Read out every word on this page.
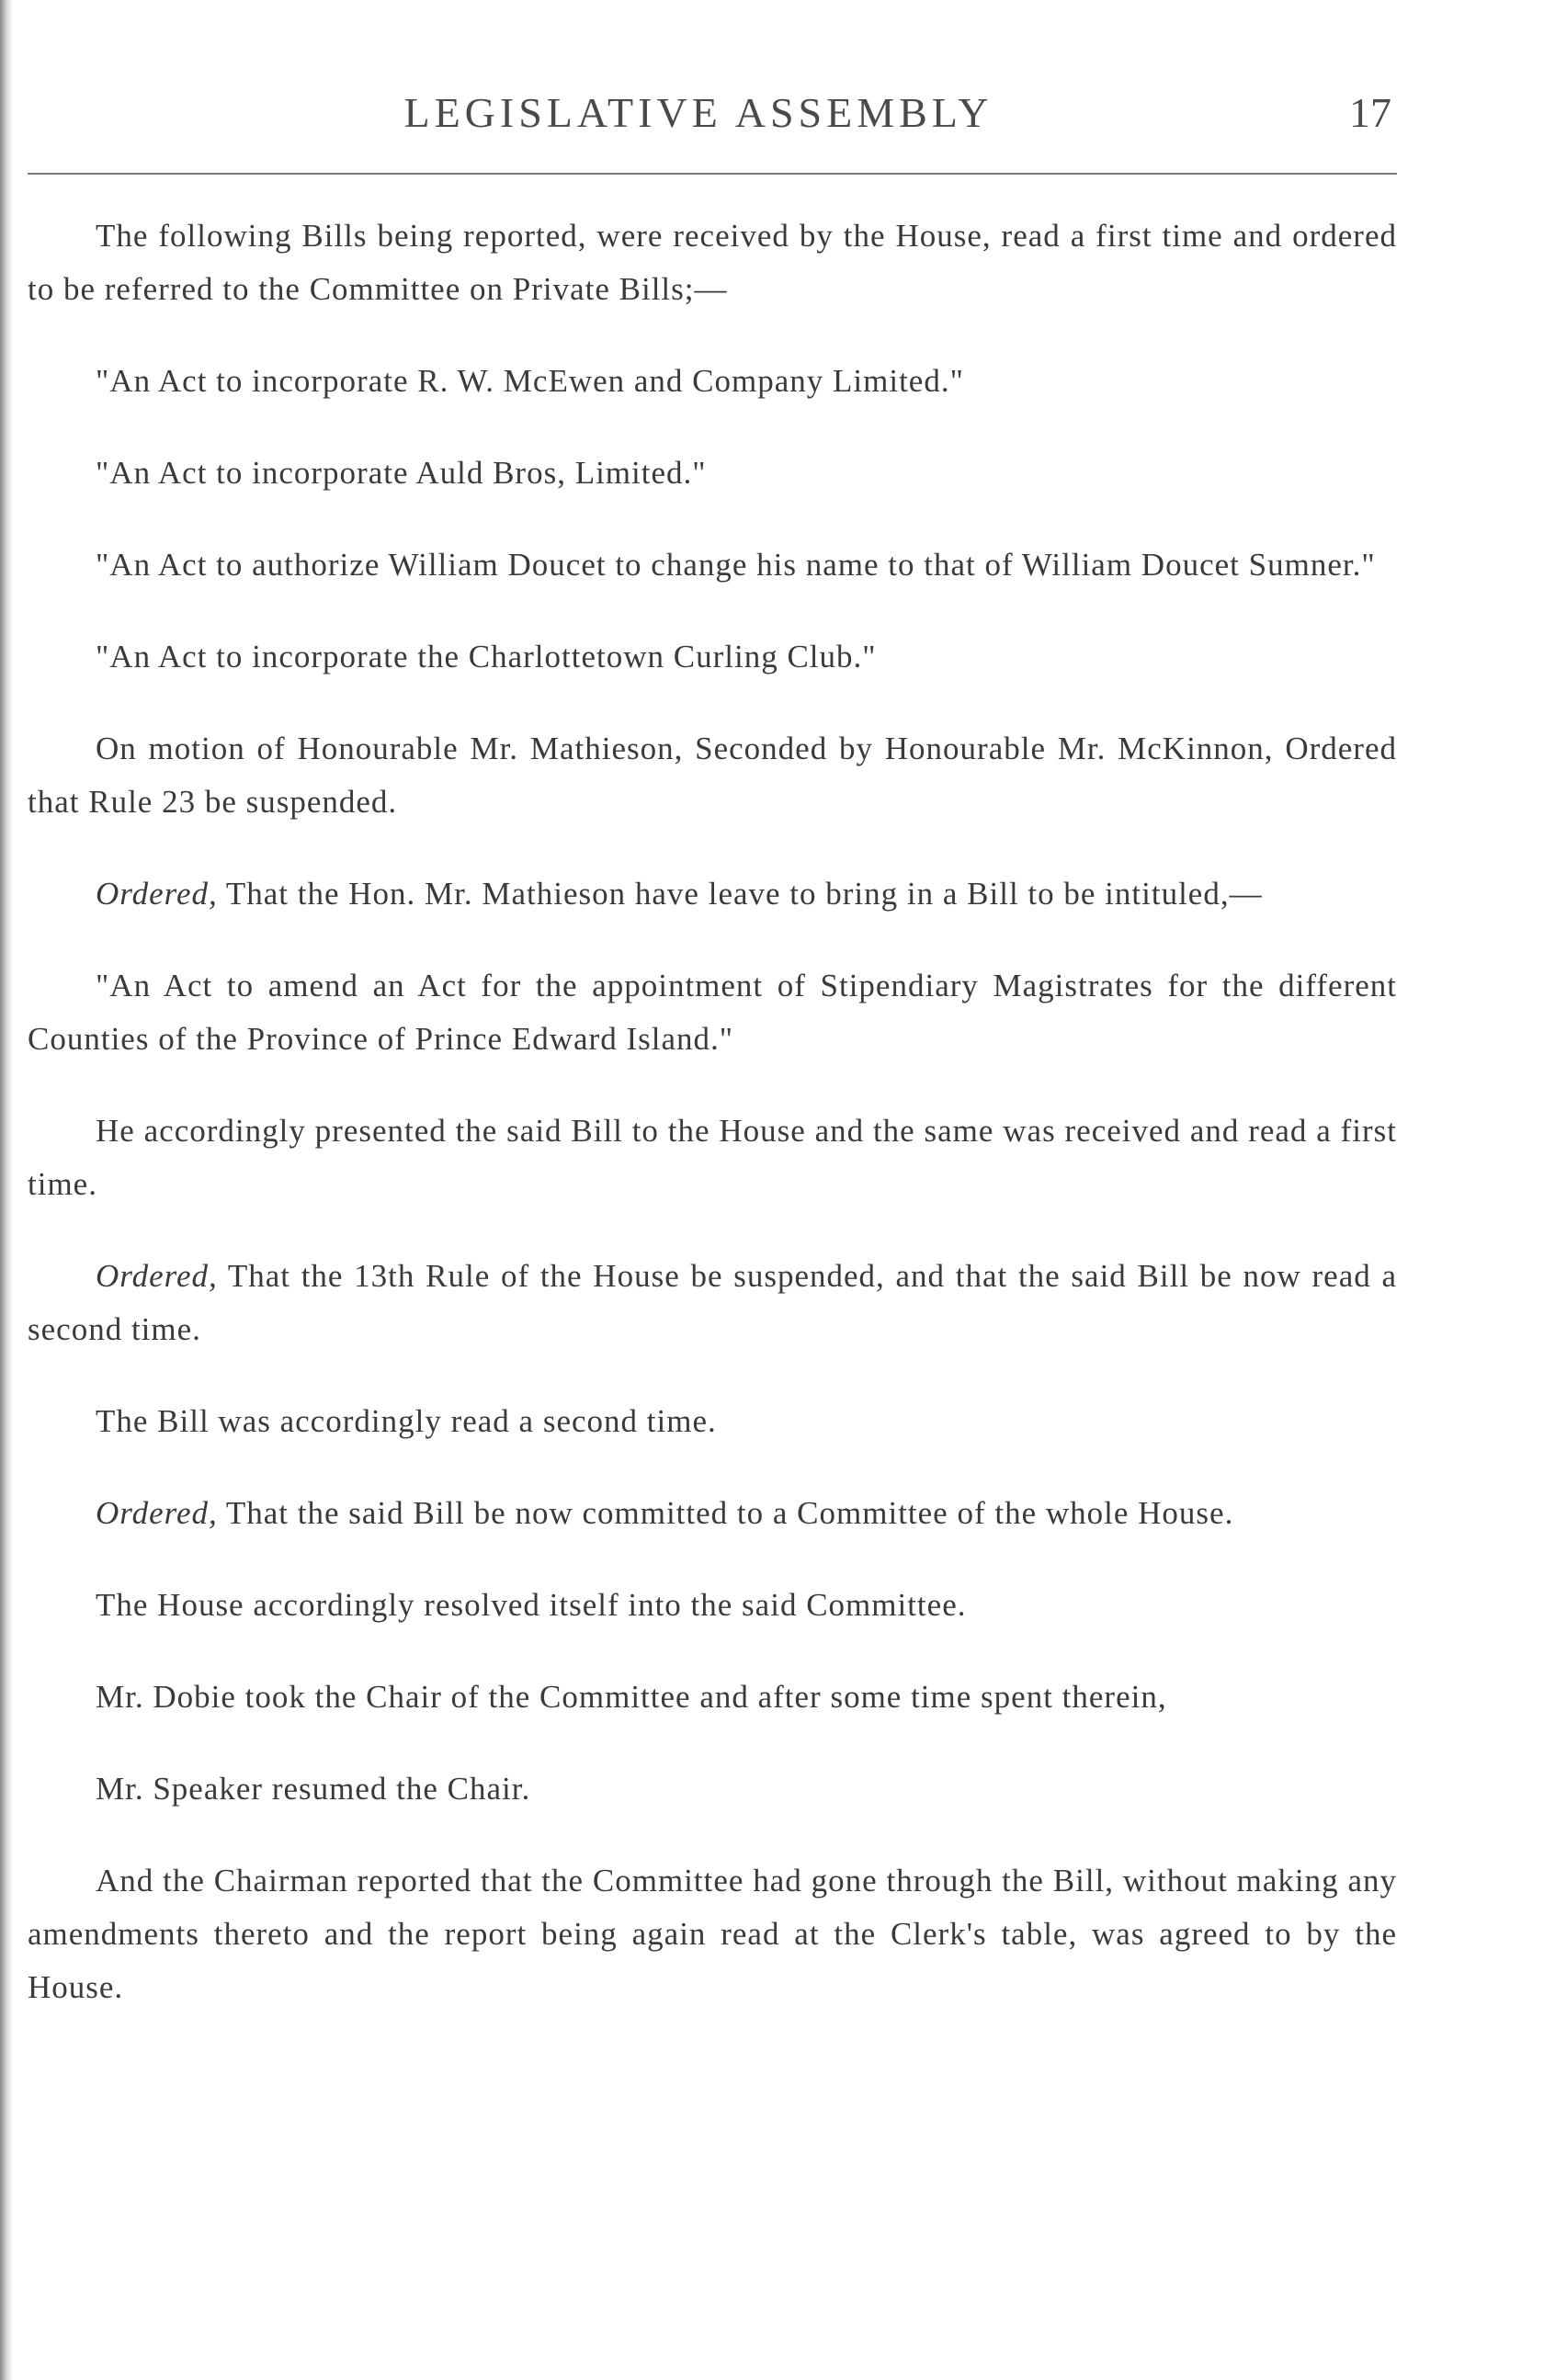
LEGISLATIVE ASSEMBLY	17

The following Bills being reported, were received by the House, read a first time and ordered to be referred to the Committee on Private Bills;—

"An Act to incorporate R. W. McEwen and Company Limited."

"An Act to incorporate Auld Bros, Limited."

"An Act to authorize William Doucet to change his name to that of William Doucet Sumner."

"An Act to incorporate the Charlottetown Curling Club."

On motion of Honourable Mr. Mathieson, Seconded by Honourable Mr. McKinnon, Ordered that Rule 23 be suspended.

Ordered, That the Hon. Mr. Mathieson have leave to bring in a Bill to be intituled,—

"An Act to amend an Act for the appointment of Stipendiary Magistrates for the different Counties of the Province of Prince Edward Island."

He accordingly presented the said Bill to the House and the same was received and read a first time.

Ordered, That the 13th Rule of the House be suspended, and that the said Bill be now read a second time.

The Bill was accordingly read a second time.

Ordered, That the said Bill be now committed to a Committee of the whole House.

The House accordingly resolved itself into the said Committee.

Mr. Dobie took the Chair of the Committee and after some time spent therein,

Mr. Speaker resumed the Chair.

And the Chairman reported that the Committee had gone through the Bill, without making any amendments thereto and the report being again read at the Clerk's table, was agreed to by the House.
